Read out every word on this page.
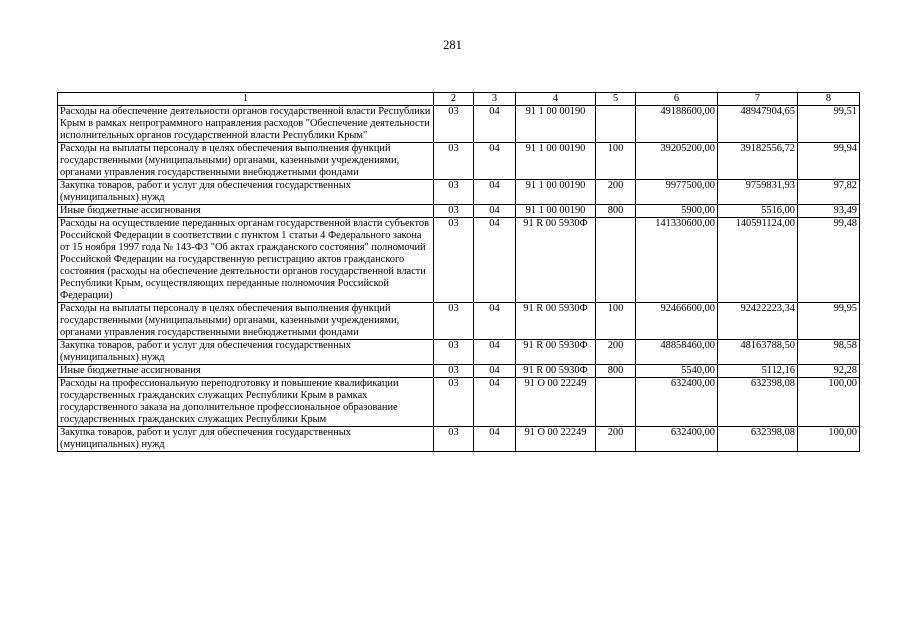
281
1	2	3	4	5	6	7	8
Расходы на обеспечение деятельности органов государственной власти Республики Крым в рамках непрограммного направления расходов "Обеспечение деятельности исполнительных органов государственной власти Республики Крым"	03	04	91 1 00 00190		49188600,00	48947904,65	99,51
Расходы на выплаты персоналу в целях обеспечения выполнения функций государственными (муниципальными) органами, казенными учреждениями, органами управления государственными внебюджетными фондами	03	04	91 1 00 00190	100	39205200,00	39182556,72	99,94
Закупка товаров, работ и услуг для обеспечения государственных (муниципальных) нужд	03	04	91 1 00 00190	200	9977500,00	9759831,93	97,82
Иные бюджетные ассигнования	03	04	91 1 00 00190	800	5900,00	5516,00	93,49
Расходы на осуществление переданных органам государственной власти субъектов Российской Федерации в соответствии с пунктом 1 статьи 4 Федерального закона от 15 ноября 1997 года № 143-ФЗ "Об актах гражданского состояния" полномочий Российской Федерации на государственную регистрацию актов гражданского состояния (расходы на обеспечение деятельности органов государственной власти Республики Крым, осуществляющих переданные полномочия Российской Федерации)	03	04	91 R 00 5930Ф		141330600,00	140591124,00	99,48
Расходы на выплаты персоналу в целях обеспечения выполнения функций государственными (муниципальными) органами, казенными учреждениями, органами управления государственными внебюджетными фондами	03	04	91 R 00 5930Ф	100	92466600,00	92422223,34	99,95
Закупка товаров, работ и услуг для обеспечения государственных (муниципальных) нужд	03	04	91 R 00 5930Ф	200	48858460,00	48163788,50	98,58
Иные бюджетные ассигнования	03	04	91 R 00 5930Ф	800	5540,00	5112,16	92,28
Расходы на профессиональную переподготовку и повышение квалификации государственных гражданских служащих Республики Крым в рамках государственного заказа на дополнительное профессиональное образование государственных гражданских служащих Республики Крым	03	04	91 О 00 22249		632400,00	632398,08	100,00
Закупка товаров, работ и услуг для обеспечения государственных (муниципальных) нужд	03	04	91 О 00 22249	200	632400,00	632398,08	100,00
